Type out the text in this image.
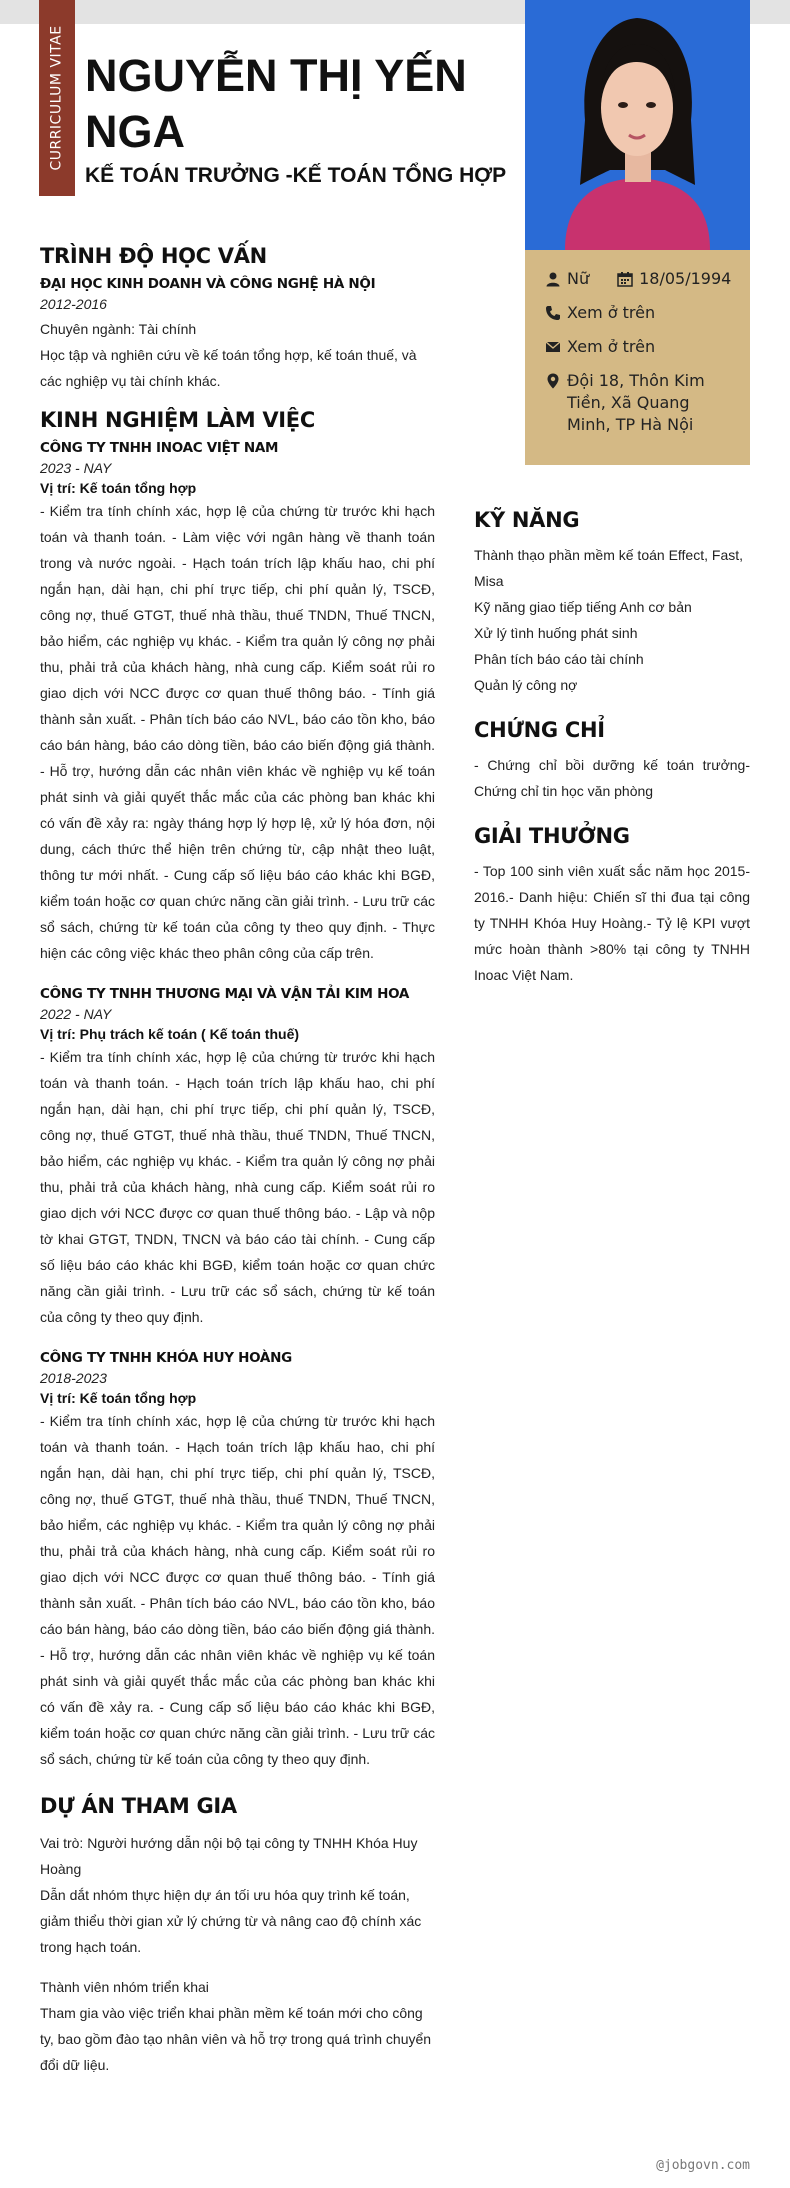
CURRICULUM VITAE NGUYỄN THỊ YẾN NGA
KẾ TOÁN TRƯỞNG -KẾ TOÁN TỔNG HỢP
Nữ	18/05/1994
Xem ở trên
Xem ở trên
Đội 18, Thôn Kim Tiền, Xã Quang Minh, TP Hà Nội
TRÌNH ĐỘ HỌC VẤN
ĐẠI HỌC KINH DOANH VÀ CÔNG NGHỆ HÀ NỘI
2012-2016

Chuyên ngành: Tài chính

Học tập và nghiên cứu về kế toán tổng hợp, kế toán thuế, và các nghiệp vụ tài chính khác.

KINH NGHIỆM LÀM VIỆC
CÔNG TY TNHH INOAC VIỆT NAM
2023 - NAY
Vị trí: Kế toán tổng hợp

- Kiểm tra tính chính xác, hợp lệ của chứng từ trước khi hạch toán và thanh toán. - Làm việc với ngân hàng về thanh toán trong và nước ngoài. - Hạch toán trích lập khấu hao, chi phí ngắn hạn, dài hạn, chi phí trực tiếp, chi phí quản lý, TSCĐ, công nợ, thuế GTGT, thuế nhà thầu, thuế TNDN, Thuế TNCN, bảo hiểm, các nghiệp vụ khác. - Kiểm tra quản lý công nợ phải thu, phải trả của khách hàng, nhà cung cấp. Kiểm soát rủi ro giao dịch với NCC được cơ quan thuế thông báo. - Tính giá thành sản xuất. - Phân tích báo cáo NVL, báo cáo tồn kho, báo cáo bán hàng, báo cáo dòng tiền, báo cáo biến động giá thành. - Hỗ trợ, hướng dẫn các nhân viên khác về nghiệp vụ kế toán phát sinh và giải quyết thắc mắc của các phòng ban khác khi có vấn đề xảy ra: ngày tháng hợp lý hợp lệ, xử lý hóa đơn, nội dung, cách thức thể hiện trên chứng từ, cập nhật theo luật, thông tư mới nhất. - Cung cấp số liệu báo cáo khác khi BGĐ, kiểm toán hoặc cơ quan chức năng cần giải trình. - Lưu trữ các sổ sách, chứng từ kế toán của công ty theo quy định. - Thực hiện các công việc khác theo phân công của cấp trên.

CÔNG TY TNHH THƯƠNG MẠI VÀ VẬN TẢI KIM HOA
2022 - NAY
Vị trí: Phụ trách kế toán ( Kế toán thuế)

- Kiểm tra tính chính xác, hợp lệ của chứng từ trước khi hạch toán và thanh toán. - Hạch toán trích lập khấu hao, chi phí ngắn hạn, dài hạn, chi phí trực tiếp, chi phí quản lý, TSCĐ, công nợ, thuế GTGT, thuế nhà thầu, thuế TNDN, Thuế TNCN, bảo hiểm, các nghiệp vụ khác. - Kiểm tra quản lý công nợ phải thu, phải trả của khách hàng, nhà cung cấp. Kiểm soát rủi ro giao dịch với NCC được cơ quan thuế thông báo. - Lập và nộp tờ khai GTGT, TNDN, TNCN và báo cáo tài chính. - Cung cấp số liệu báo cáo khác khi BGĐ, kiểm toán hoặc cơ quan chức năng cần giải trình. - Lưu trữ các sổ sách, chứng từ kế toán của công ty theo quy định.

CÔNG TY TNHH KHÓA HUY HOÀNG
2018-2023
Vị trí: Kế toán tổng hợp

- Kiểm tra tính chính xác, hợp lệ của chứng từ trước khi hạch toán và thanh toán. - Hạch toán trích lập khấu hao, chi phí ngắn hạn, dài hạn, chi phí trực tiếp, chi phí quản lý, TSCĐ, công nợ, thuế GTGT, thuế nhà thầu, thuế TNDN, Thuế TNCN, bảo hiểm, các nghiệp vụ khác. - Kiểm tra quản lý công nợ phải thu, phải trả của khách hàng, nhà cung cấp. Kiểm soát rủi ro giao dịch với NCC được cơ quan thuế thông báo. - Tính giá thành sản xuất. - Phân tích báo cáo NVL, báo cáo tồn kho, báo cáo bán hàng, báo cáo dòng tiền, báo cáo biến động giá thành. - Hỗ trợ, hướng dẫn các nhân viên khác về nghiệp vụ kế toán phát sinh và giải quyết thắc mắc của các phòng ban khác khi có vấn đề xảy ra. - Cung cấp số liệu báo cáo khác khi BGĐ, kiểm toán hoặc cơ quan chức năng cần giải trình. - Lưu trữ các sổ sách, chứng từ kế toán của công ty theo quy định.

DỰ ÁN THAM GIA

Vai trò: Người hướng dẫn nội bộ tại công ty TNHH Khóa Huy Hoàng

Dẫn dắt nhóm thực hiện dự án tối ưu hóa quy trình kế toán, giảm thiểu thời gian xử lý chứng từ và nâng cao độ chính xác trong hạch toán.

Thành viên nhóm triển khai

Tham gia vào việc triển khai phần mềm kế toán mới cho công ty, bao gồm đào tạo nhân viên và hỗ trợ trong quá trình chuyển đổi dữ liệu.

KỸ NĂNG

Thành thạo phần mềm kế toán Effect, Fast, Misa

Kỹ năng giao tiếp tiếng Anh cơ bản

Xử lý tình huống phát sinh

Phân tích báo cáo tài chính

Quản lý công nợ

CHỨNG CHỈ

- Chứng chỉ bồi dưỡng kế toán trưởng- Chứng chỉ tin học văn phòng

GIẢI THƯỞNG

- Top 100 sinh viên xuất sắc năm học 2015-2016.- Danh hiệu: Chiến sĩ thi đua tại công ty TNHH Khóa Huy Hoàng.- Tỷ lệ KPI vượt mức hoàn thành >80% tại công ty TNHH Inoac Việt Nam.

@jobgovn.com
